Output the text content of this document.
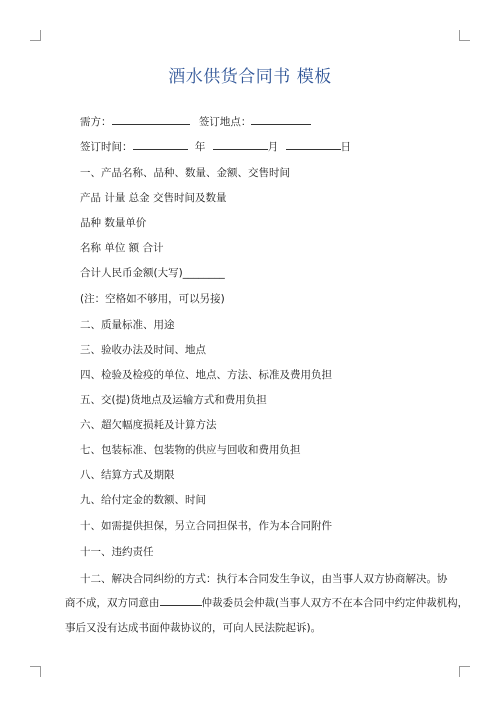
酒水供货合同书 模板
需方：	签订地点：
签订时间：	年	月	日
一、产品名称、品种、数量、金额、交售时间
产品 计量 总金 交售时间及数量
品种 数量单价
名称 单位 额 合计
合计人民币金额(大写)________
(注：空格如不够用，可以另接)
二、质量标准、用途
三、验收办法及时间、地点
四、检验及检疫的单位、地点、方法、标准及费用负担
五、交(提)货地点及运输方式和费用负担
六、超欠幅度损耗及计算方法
七、包装标准、包装物的供应与回收和费用负担
八、结算方式及期限
九、给付定金的数额、时间
十、如需提供担保，另立合同担保书，作为本合同附件
十一、违约责任
十二、解决合同纠纷的方式：执行本合同发生争议，由当事人双方协商解决。协
商不成，双方同意由	仲裁委员会仲裁(当事人双方不在本合同中约定仲裁机构，
事后又没有达成书面仲裁协议的，可向人民法院起诉)。
